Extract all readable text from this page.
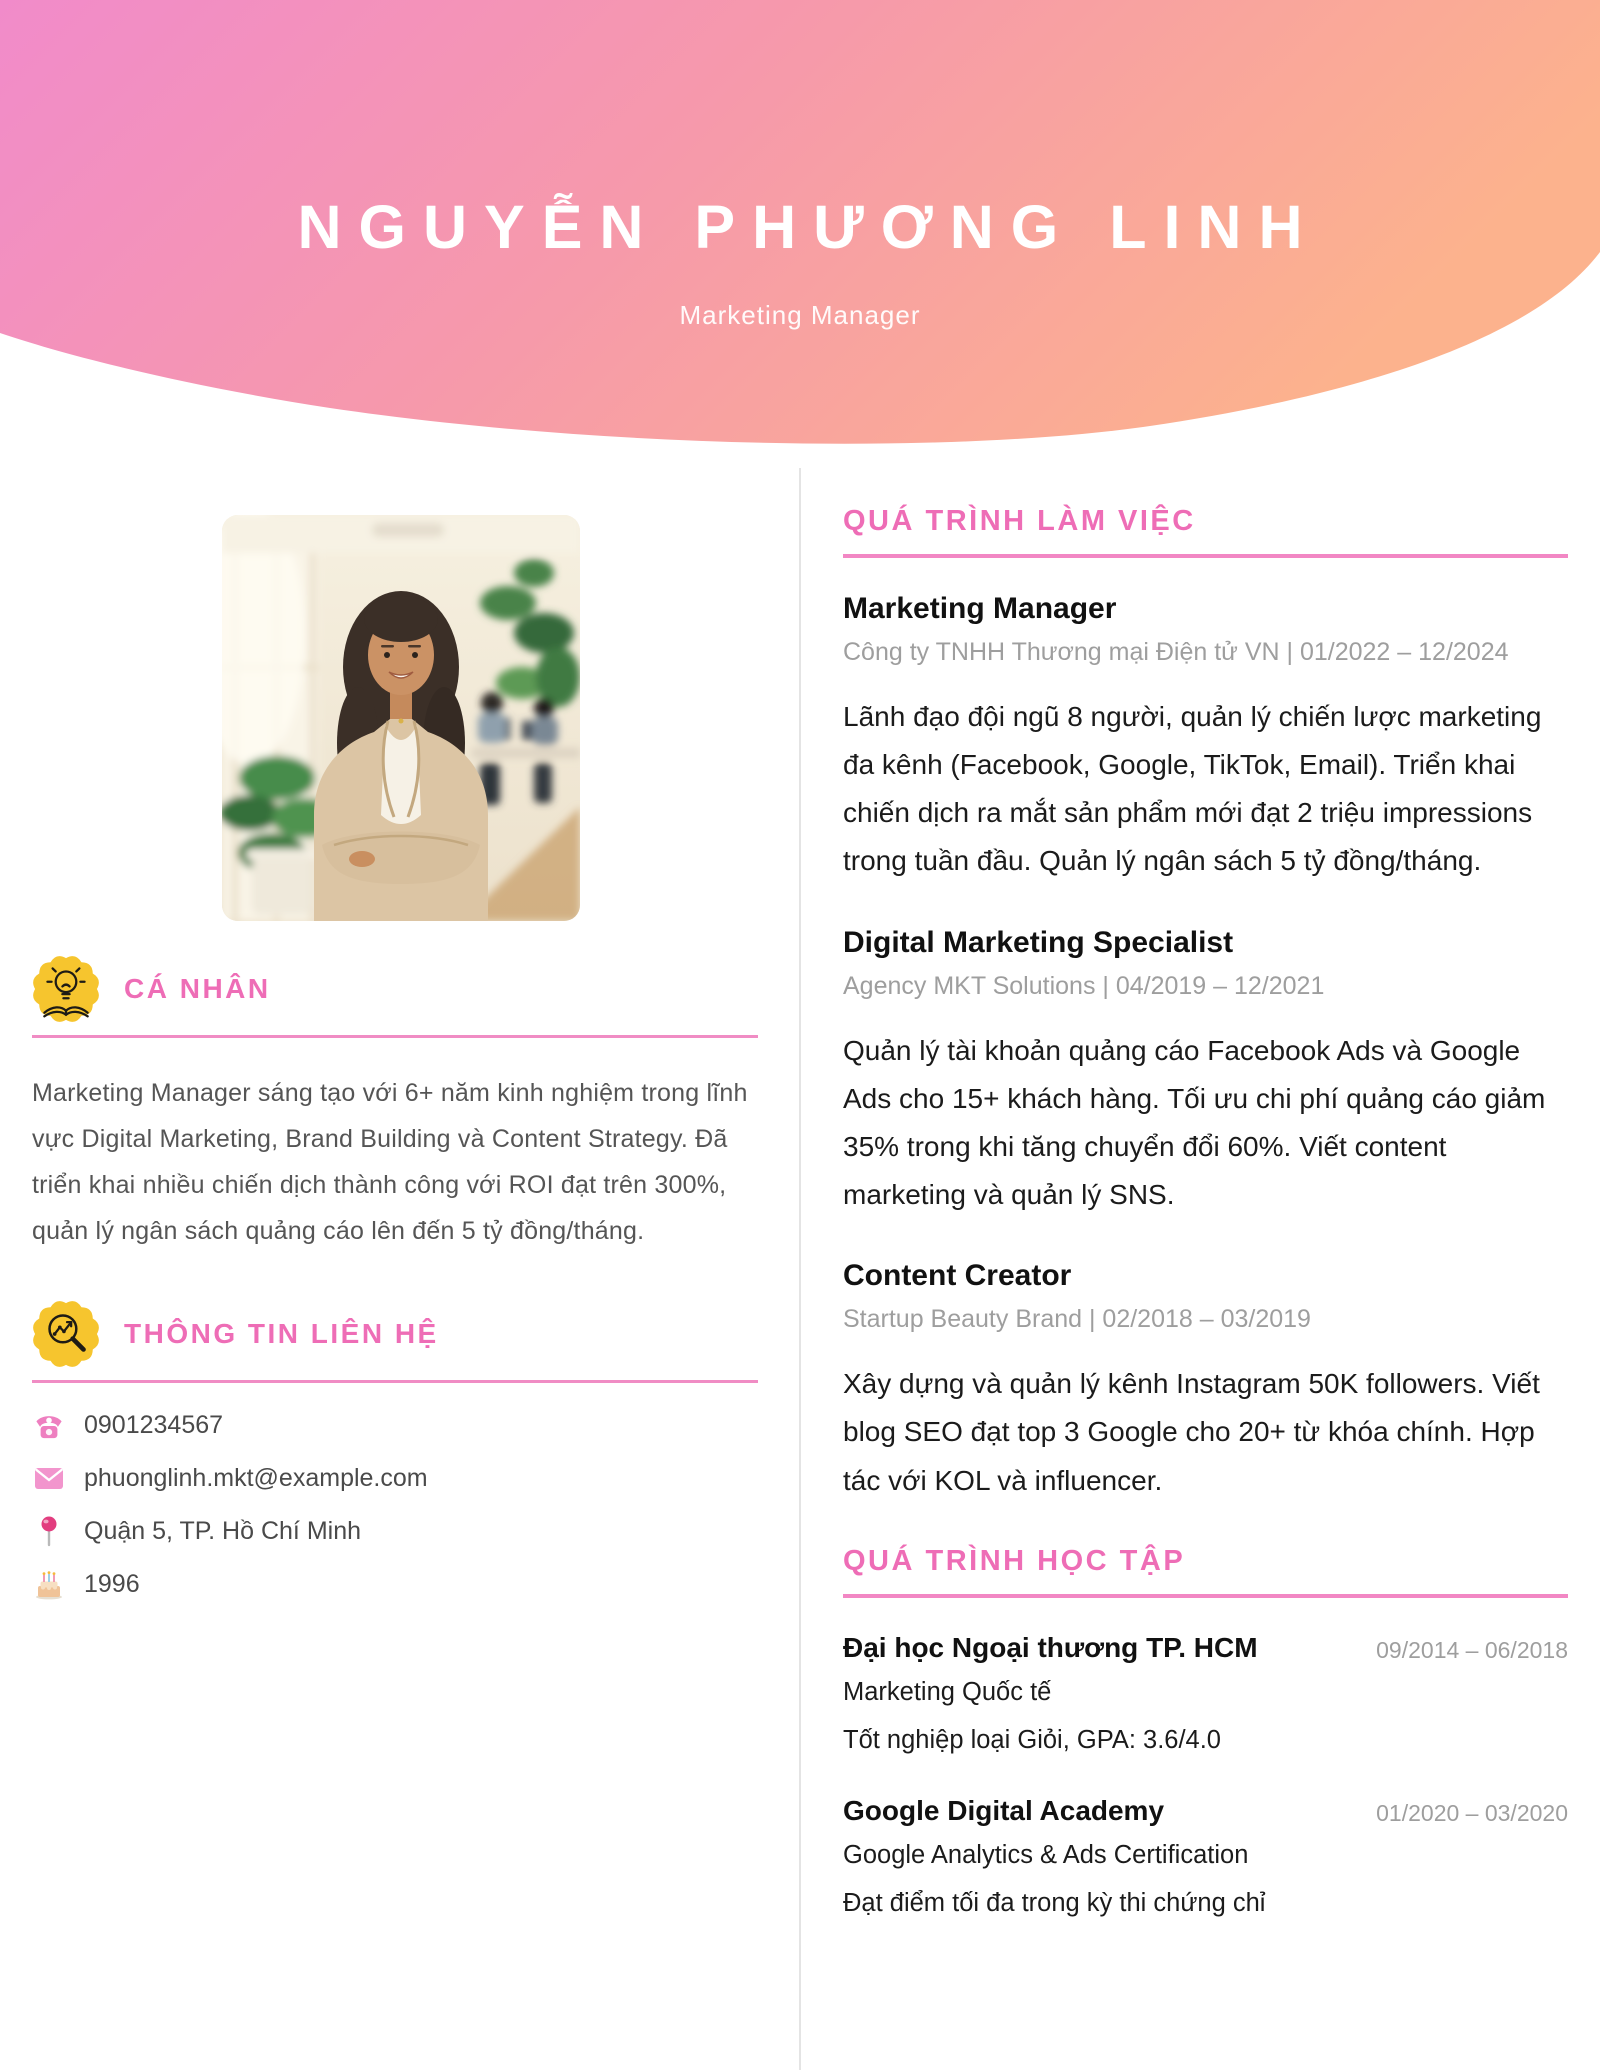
NGUYỄN PHƯƠNG LINH
Marketing Manager
CÁ NHÂN

Marketing Manager sáng tạo với 6+ năm kinh nghiệm trong lĩnh vực Digital Marketing, Brand Building và Content Strategy. Đã triển khai nhiều chiến dịch thành công với ROI đạt trên 300%, quản lý ngân sách quảng cáo lên đến 5 tỷ đồng/tháng.

THÔNG TIN LIÊN HỆ
0901234567
phuonglinh.mkt@example.com
Quận 5, TP. Hồ Chí Minh
1996
QUÁ TRÌNH LÀM VIỆC
Marketing Manager

Công ty TNHH Thương mại Điện tử VN | 01/2022 – 12/2024

Lãnh đạo đội ngũ 8 người, quản lý chiến lược marketing đa kênh (Facebook, Google, TikTok, Email). Triển khai chiến dịch ra mắt sản phẩm mới đạt 2 triệu impressions trong tuần đầu. Quản lý ngân sách 5 tỷ đồng/tháng.

Digital Marketing Specialist

Agency MKT Solutions | 04/2019 – 12/2021

Quản lý tài khoản quảng cáo Facebook Ads và Google Ads cho 15+ khách hàng. Tối ưu chi phí quảng cáo giảm 35% trong khi tăng chuyển đổi 60%. Viết content marketing và quản lý SNS.

Content Creator

Startup Beauty Brand | 02/2018 – 03/2019

Xây dựng và quản lý kênh Instagram 50K followers. Viết blog SEO đạt top 3 Google cho 20+ từ khóa chính. Hợp tác với KOL và influencer.

QUÁ TRÌNH HỌC TẬP
Đại học Ngoại thương TP. HCM	09/2014 – 06/2018

Marketing Quốc tế

Tốt nghiệp loại Giỏi, GPA: 3.6/4.0

Google Digital Academy	01/2020 – 03/2020

Google Analytics & Ads Certification

Đạt điểm tối đa trong kỳ thi chứng chỉ
